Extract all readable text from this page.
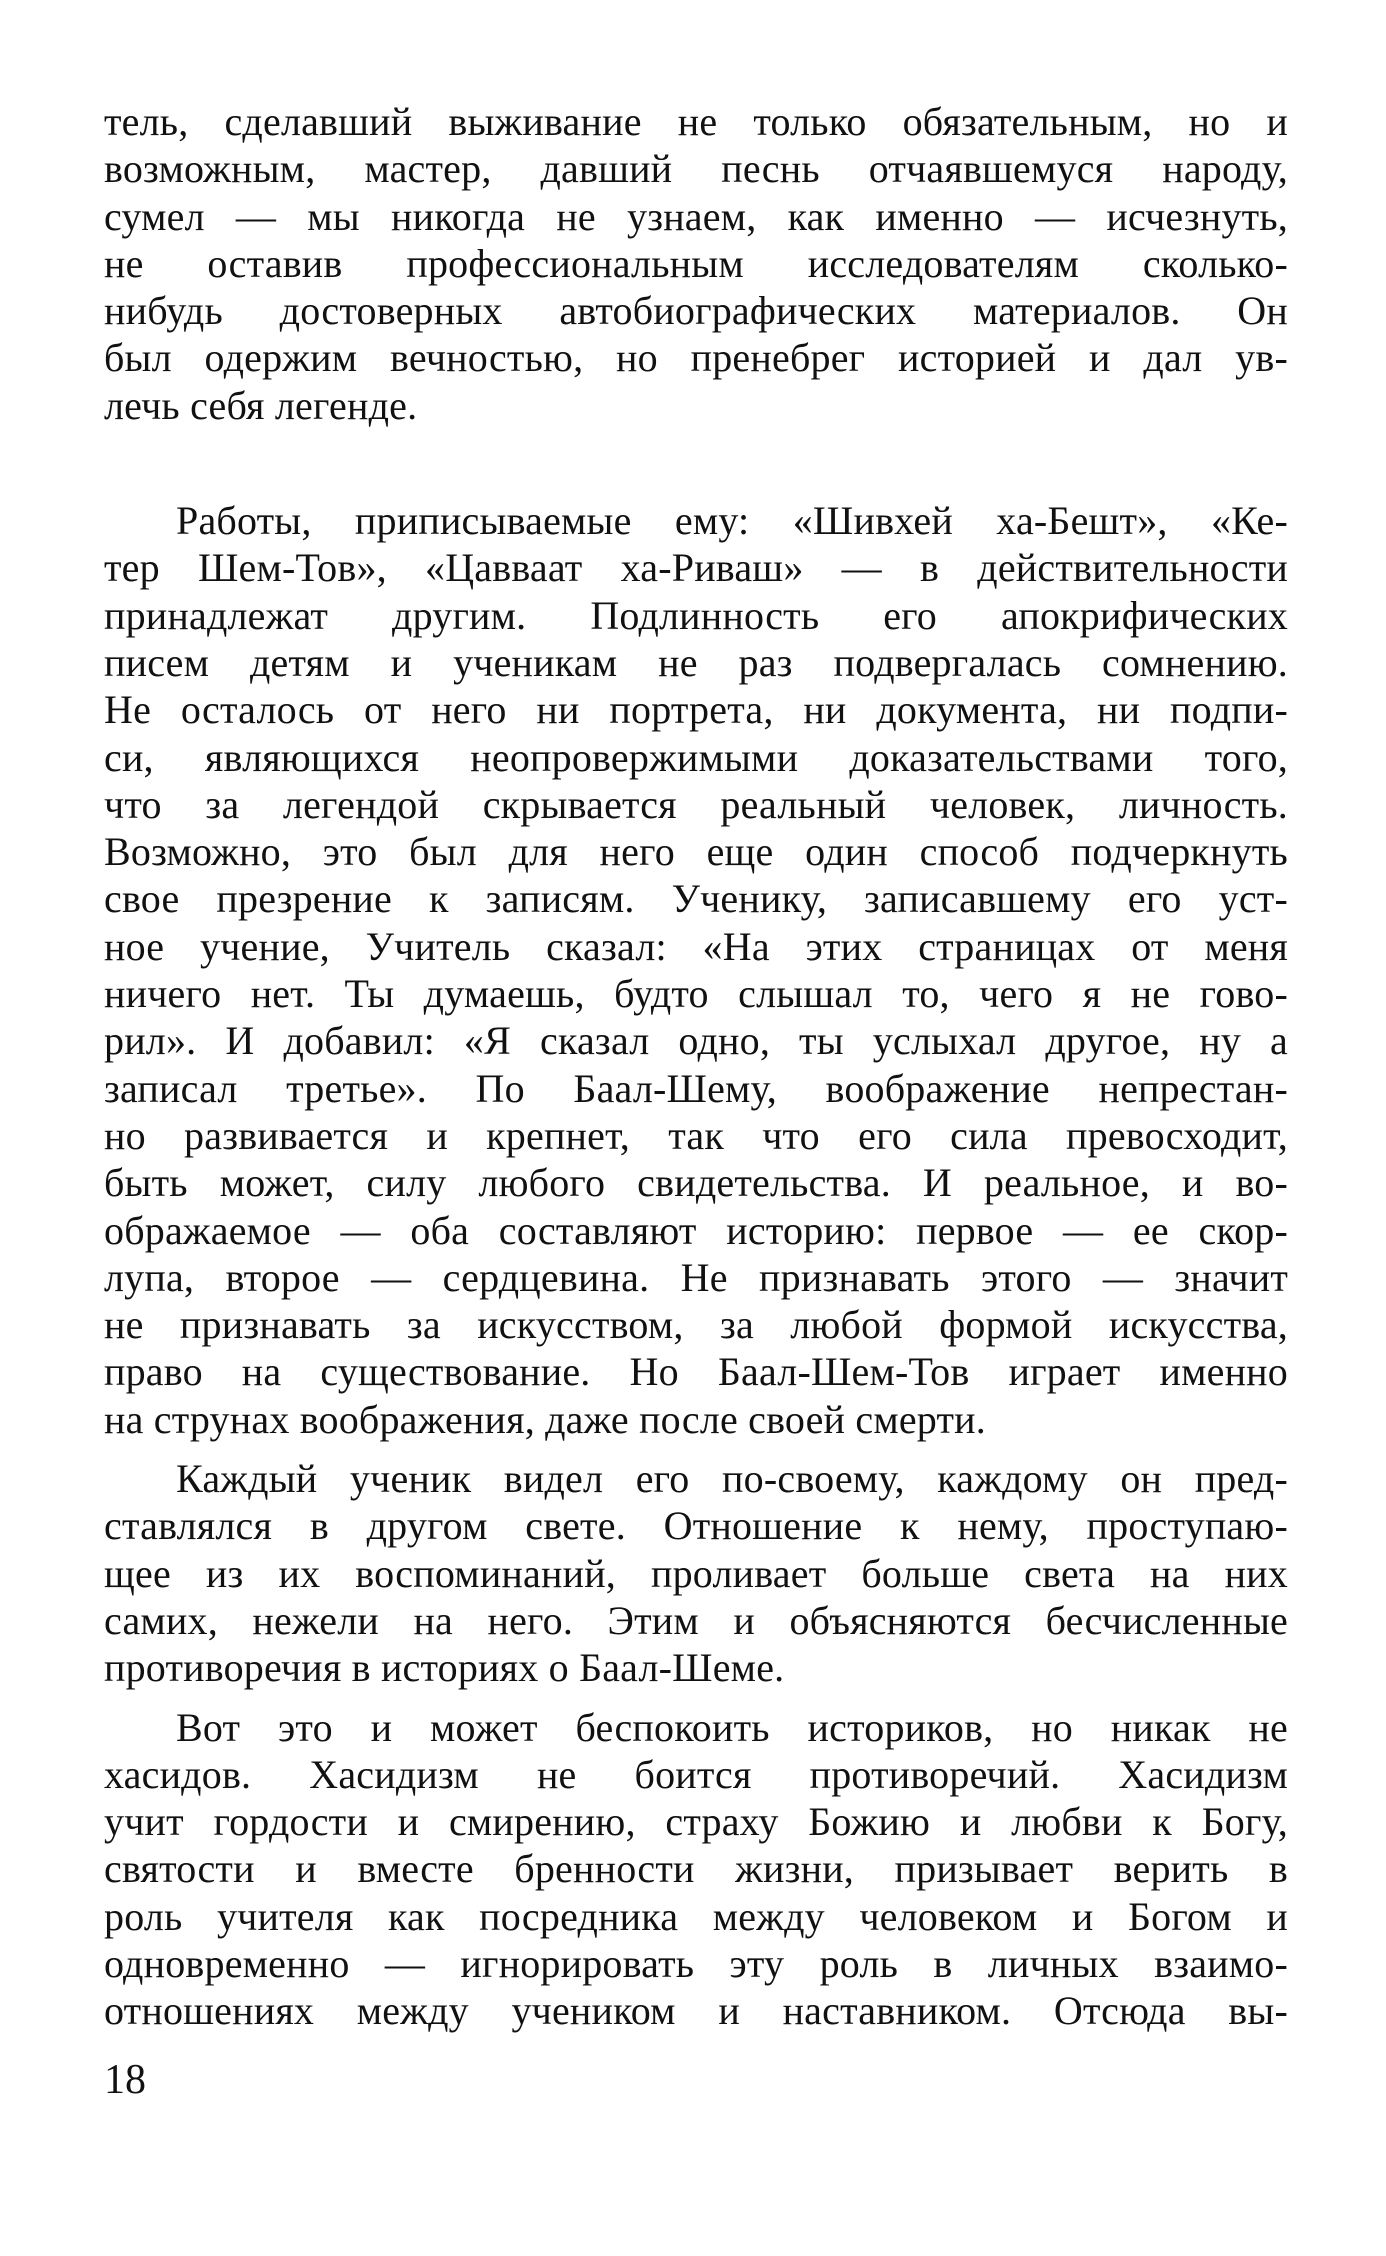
тель, сделавший выживание не только обязательным, но и
возможным, мастер, давший песнь отчаявшемуся народу,
сумел — мы никогда не узнаем, как именно — исчезнуть,
не оставив профессиональным исследователям сколько-
нибудь достоверных автобиографических материалов. Он
был одержим вечностью, но пренебрег историей и дал ув-
лечь себя легенде.
Работы, приписываемые ему: «Шивхей ха-Бешт», «Ке-
тер Шем-Тов», «Цавваат ха-Риваш» — в действительности
принадлежат другим. Подлинность его апокрифических
писем детям и ученикам не раз подвергалась сомнению.
Не осталось от него ни портрета, ни документа, ни подпи-
си, являющихся неопровержимыми доказательствами того,
что за легендой скрывается реальный человек, личность.
Возможно, это был для него еще один способ подчеркнуть
свое презрение к записям. Ученику, записавшему его уст-
ное учение, Учитель сказал: «На этих страницах от меня
ничего нет. Ты думаешь, будто слышал то, чего я не гово-
рил». И добавил: «Я сказал одно, ты услыхал другое, ну а
записал третье». По Баал-Шему, воображение непрестан-
но развивается и крепнет, так что его сила превосходит,
быть может, силу любого свидетельства. И реальное, и во-
ображаемое — оба составляют историю: первое — ее скор-
лупа, второе — сердцевина. Не признавать этого — значит
не признавать за искусством, за любой формой искусства,
право на существование. Но Баал-Шем-Тов играет именно
на струнах воображения, даже после своей смерти.
Каждый ученик видел его по-своему, каждому он пред-
ставлялся в другом свете. Отношение к нему, проступаю-
щее из их воспоминаний, проливает больше света на них
самих, нежели на него. Этим и объясняются бесчисленные
противоречия в историях о Баал-Шеме.
Вот это и может беспокоить историков, но никак не
хасидов. Хасидизм не боится противоречий. Хасидизм
учит гордости и смирению, страху Божию и любви к Богу,
святости и вместе бренности жизни, призывает верить в
роль учителя как посредника между человеком и Богом и
одновременно — игнорировать эту роль в личных взаимо-
отношениях между учеником и наставником. Отсюда вы-
18
